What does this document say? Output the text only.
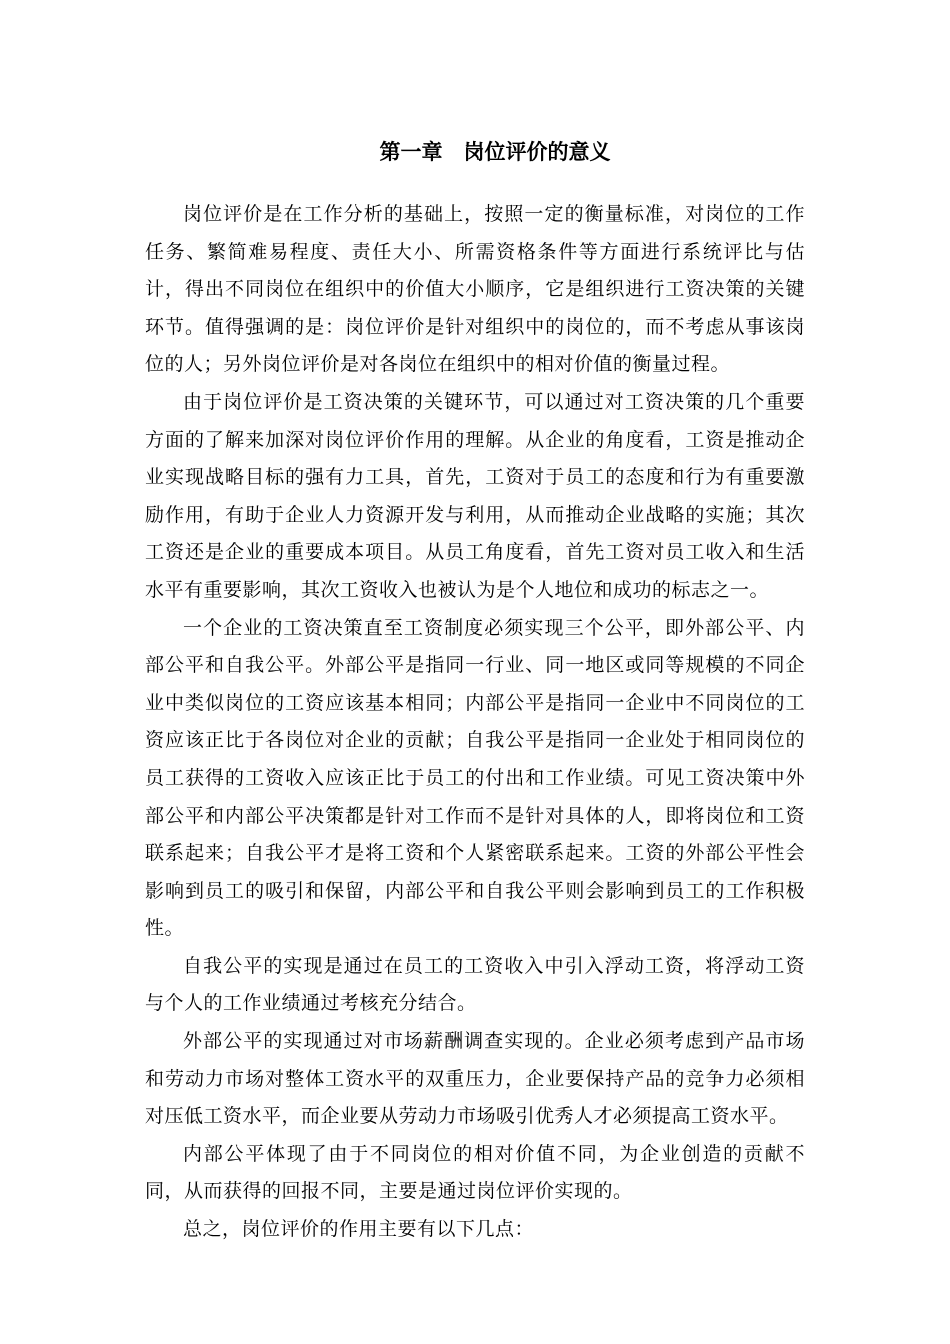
第一章　岗位评价的意义

岗位评价是在工作分析的基础上，按照一定的衡量标准，对岗位的工作任务、繁简难易程度、责任大小、所需资格条件等方面进行系统评比与估计，得出不同岗位在组织中的价值大小顺序，它是组织进行工资决策的关键环节。值得强调的是：岗位评价是针对组织中的岗位的，而不考虑从事该岗位的人；另外岗位评价是对各岗位在组织中的相对价值的衡量过程。

由于岗位评价是工资决策的关键环节，可以通过对工资决策的几个重要方面的了解来加深对岗位评价作用的理解。从企业的角度看，工资是推动企业实现战略目标的强有力工具，首先，工资对于员工的态度和行为有重要激励作用，有助于企业人力资源开发与利用，从而推动企业战略的实施；其次工资还是企业的重要成本项目。从员工角度看，首先工资对员工收入和生活水平有重要影响，其次工资收入也被认为是个人地位和成功的标志之一。

一个企业的工资决策直至工资制度必须实现三个公平，即外部公平、内部公平和自我公平。外部公平是指同一行业、同一地区或同等规模的不同企业中类似岗位的工资应该基本相同；内部公平是指同一企业中不同岗位的工资应该正比于各岗位对企业的贡献；自我公平是指同一企业处于相同岗位的员工获得的工资收入应该正比于员工的付出和工作业绩。可见工资决策中外部公平和内部公平决策都是针对工作而不是针对具体的人，即将岗位和工资联系起来；自我公平才是将工资和个人紧密联系起来。工资的外部公平性会影响到员工的吸引和保留，内部公平和自我公平则会影响到员工的工作积极性。

自我公平的实现是通过在员工的工资收入中引入浮动工资，将浮动工资与个人的工作业绩通过考核充分结合。

外部公平的实现通过对市场薪酬调查实现的。企业必须考虑到产品市场和劳动力市场对整体工资水平的双重压力，企业要保持产品的竞争力必须相对压低工资水平，而企业要从劳动力市场吸引优秀人才必须提高工资水平。

内部公平体现了由于不同岗位的相对价值不同，为企业创造的贡献不同，从而获得的回报不同，主要是通过岗位评价实现的。

总之，岗位评价的作用主要有以下几点：
